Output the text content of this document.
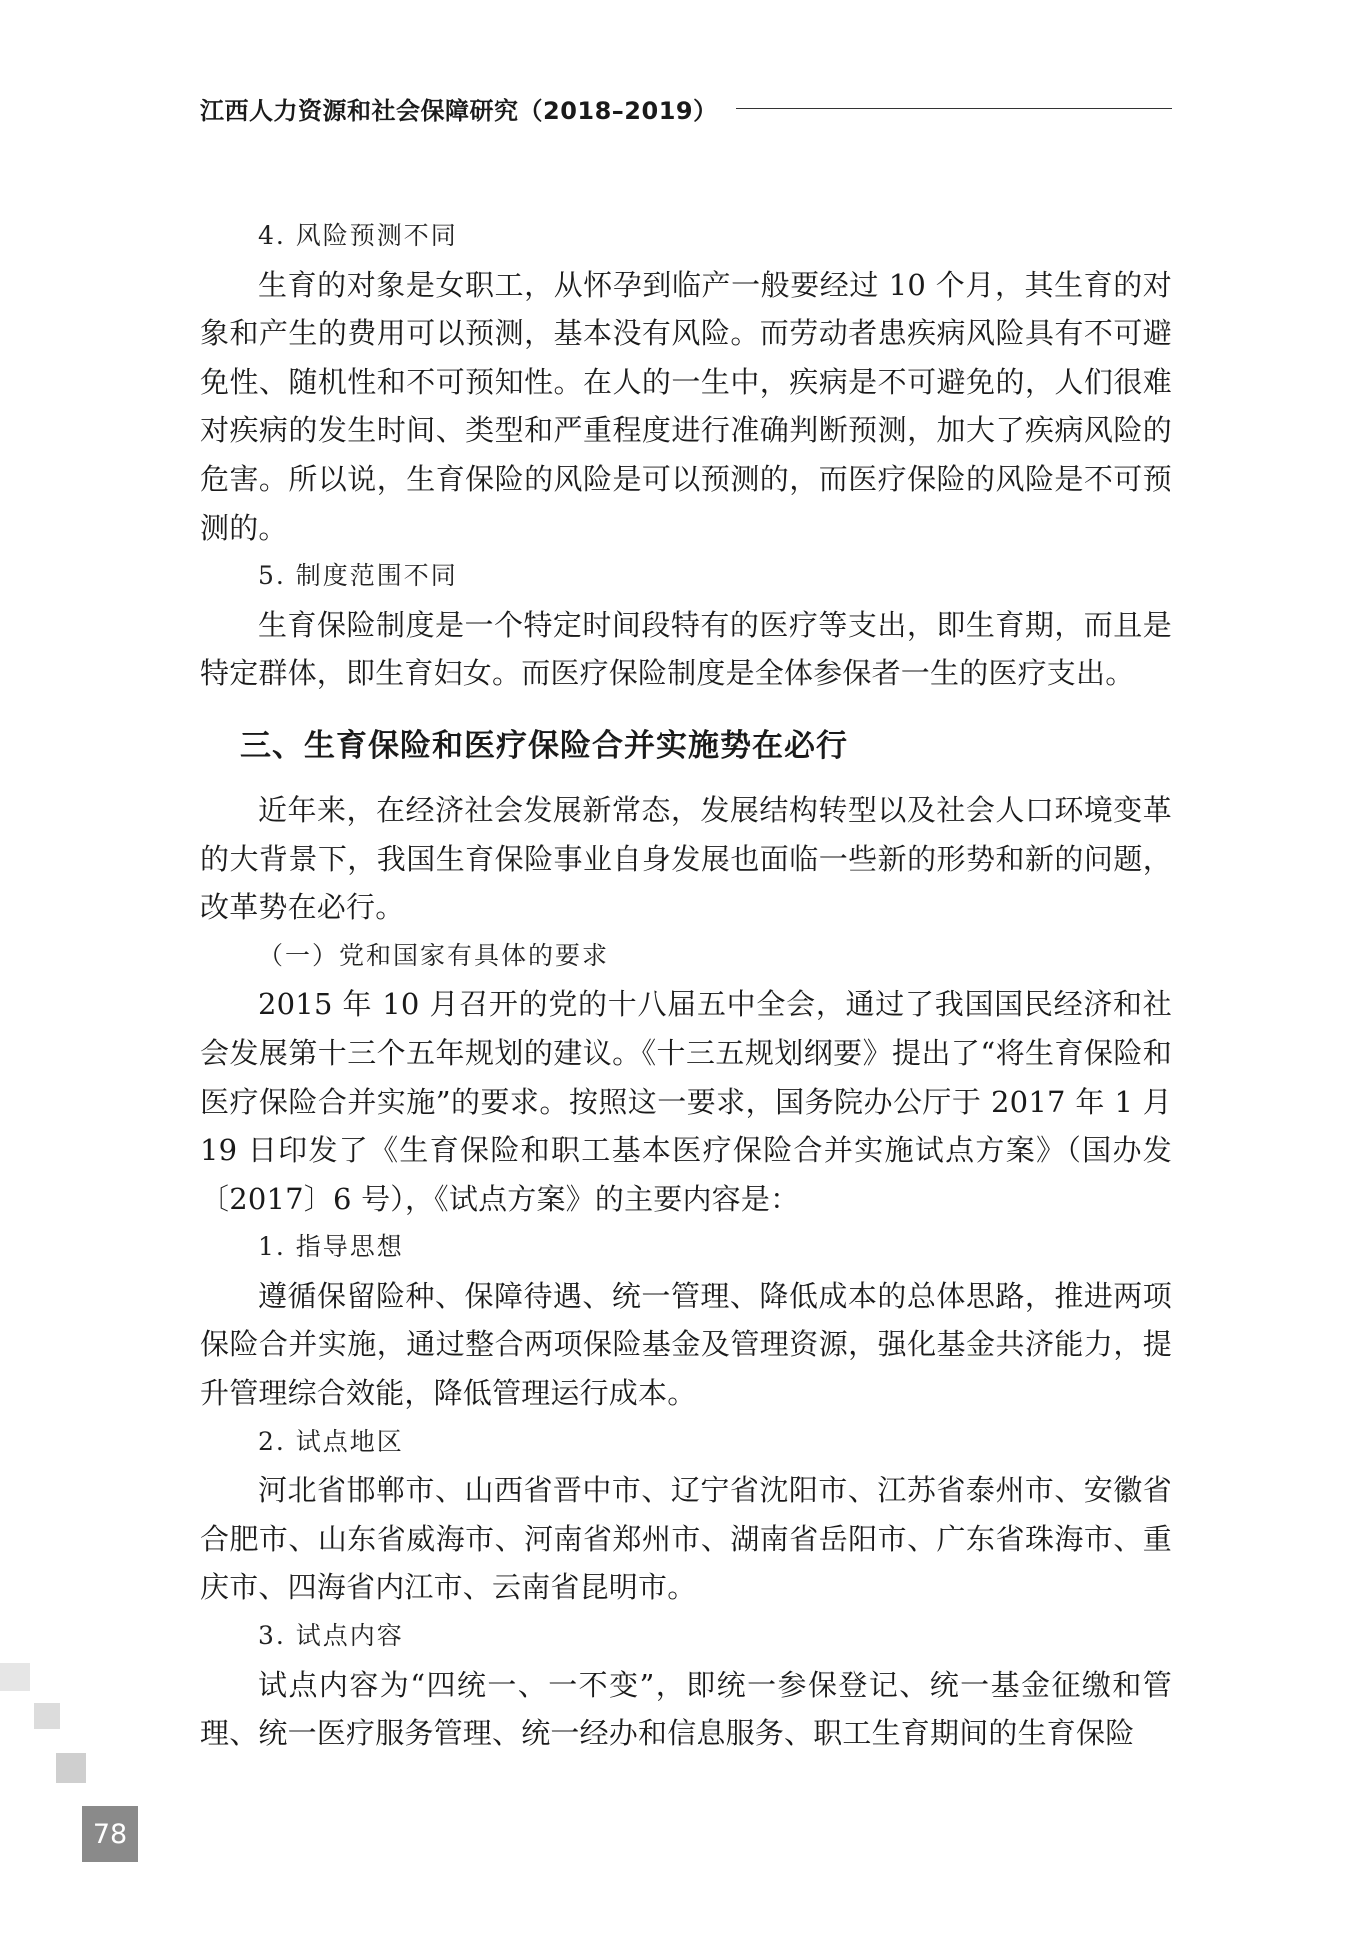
江西人力资源和社会保障研究（2018–2019）
4. 风险预测不同

生育的对象是女职工，从怀孕到临产一般要经过 10 个月，其生育的对象和产生的费用可以预测，基本没有风险。而劳动者患疾病风险具有不可避免性、随机性和不可预知性。在人的一生中，疾病是不可避免的，人们很难对疾病的发生时间、类型和严重程度进行准确判断预测，加大了疾病风险的危害。所以说，生育保险的风险是可以预测的，而医疗保险的风险是不可预测的。

5. 制度范围不同

生育保险制度是一个特定时间段特有的医疗等支出，即生育期，而且是特定群体，即生育妇女。而医疗保险制度是全体参保者一生的医疗支出。

三、生育保险和医疗保险合并实施势在必行

近年来，在经济社会发展新常态，发展结构转型以及社会人口环境变革的大背景下，我国生育保险事业自身发展也面临一些新的形势和新的问题，改革势在必行。

（一）党和国家有具体的要求

2015 年 10 月召开的党的十八届五中全会，通过了我国国民经济和社会发展第十三个五年规划的建议。《十三五规划纲要》提出了“将生育保险和医疗保险合并实施”的要求。按照这一要求，国务院办公厅于 2017 年 1 月 19 日印发了《生育保险和职工基本医疗保险合并实施试点方案》（国办发〔2017〕6 号），《试点方案》的主要内容是：

1. 指导思想

遵循保留险种、保障待遇、统一管理、降低成本的总体思路，推进两项保险合并实施，通过整合两项保险基金及管理资源，强化基金共济能力，提升管理综合效能，降低管理运行成本。

2. 试点地区

河北省邯郸市、山西省晋中市、辽宁省沈阳市、江苏省泰州市、安徽省合肥市、山东省威海市、河南省郑州市、湖南省岳阳市、广东省珠海市、重庆市、四海省内江市、云南省昆明市。

3. 试点内容

试点内容为“四统一、一不变”，即统一参保登记、统一基金征缴和管理、统一医疗服务管理、统一经办和信息服务、职工生育期间的生育保险

78
